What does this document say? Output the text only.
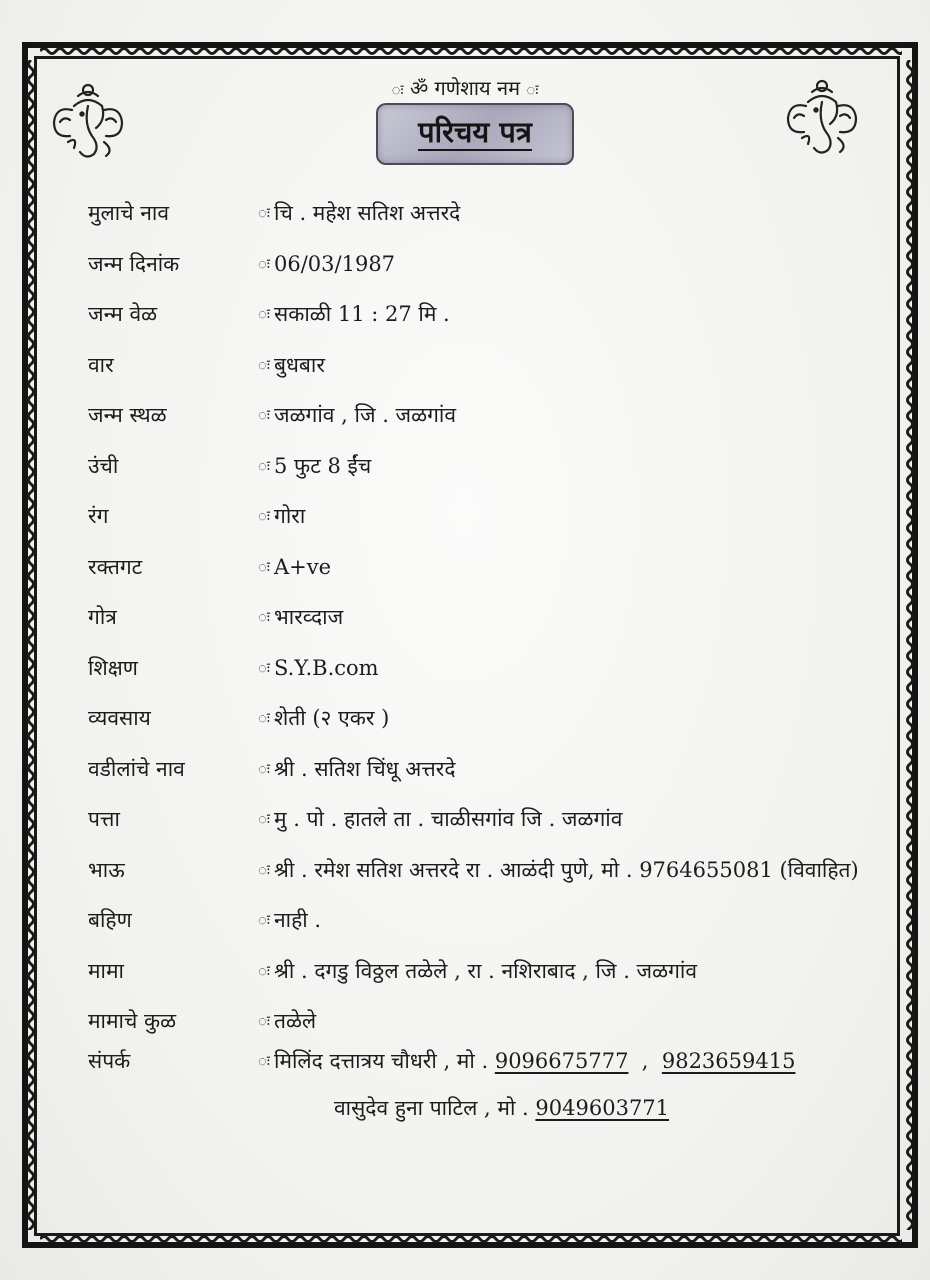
ः ॐ गणेशाय नम ः
परिचय पत्र
मुलाचे नाव	ः चि . महेश सतिश अत्तरदे
जन्म दिनांक	ः 06/03/1987
जन्म वेळ	ः सकाळी 11 : 27 मि .
वार	ः बुधबार
जन्म स्थळ	ः जळगांव , जि . जळगांव
उंची	ः 5 फुट 8 ईंच
रंग	ः गोरा
रक्तगट	ः A+ve
गोत्र	ः भारव्दाज
शिक्षण	ः S.Y.B.com
व्यवसाय	ः शेती (२ एकर )
वडीलांचे नाव	ः श्री . सतिश चिंधू अत्तरदे
पत्ता	ः मु . पो . हातले ता . चाळीसगांव जि . जळगांव
भाऊ	ः श्री . रमेश सतिश अत्तरदे रा . आळंदी पुणे, मो . 9764655081 (विवाहित)
बहिण	ः नाही .
मामा	ः श्री . दगडु विठ्ठल तळेले , रा . नशिराबाद , जि . जळगांव
मामाचे कुळ	ः तळेले
संपर्क	ः मिलिंद दत्तात्रय चौधरी , मो . 9096675777  ,  9823659415
वासुदेव हुना पाटिल , मो . 9049603771
